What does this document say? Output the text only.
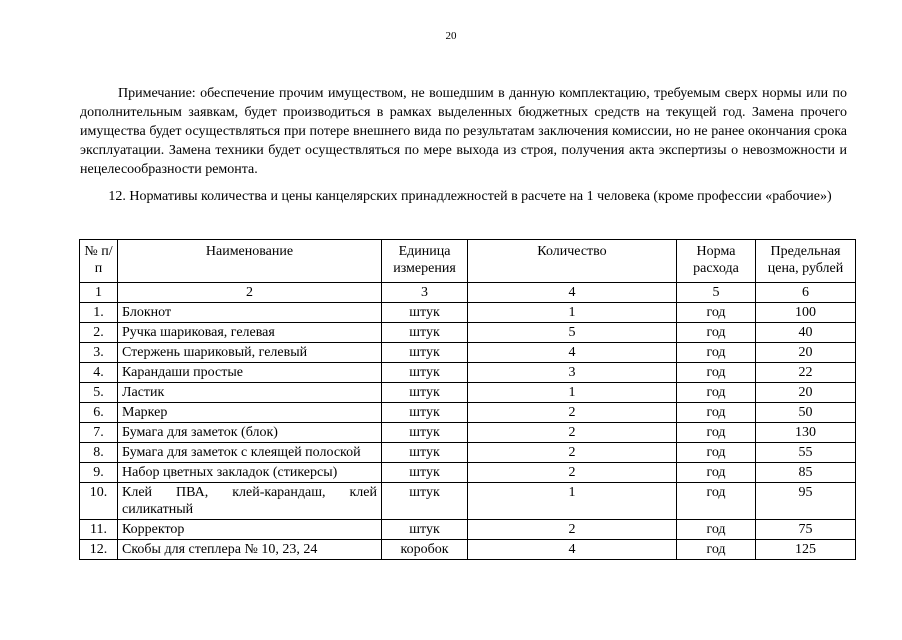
20

Примечание: обеспечение прочим имуществом, не вошедшим в данную комплектацию, требуемым сверх нормы или по дополнительным заявкам, будет производиться в рамках выделенных бюджетных средств на текущей год. Замена прочего имущества будет осуществляться при потере внешнего вида по результатам заключения комиссии, но не ранее окончания срока эксплуатации. Замена техники будет осуществляться по мере выхода из строя, получения акта экспертизы о невозможности и нецелесообразности ремонта.

12. Нормативы количества и цены канцелярских принадлежностей в расчете на 1 человека (кроме профессии «рабочие»)

№ п/п	Наименование	Единица измерения	Количество	Норма расхода	Предельная цена, рублей
1	2	3	4	5	6
1.	Блокнот	штук	1	год	100
2.	Ручка шариковая, гелевая	штук	5	год	40
3.	Стержень шариковый, гелевый	штук	4	год	20
4.	Карандаши простые	штук	3	год	22
5.	Ластик	штук	1	год	20
6.	Маркер	штук	2	год	50
7.	Бумага для заметок (блок)	штук	2	год	130
8.	Бумага для заметок с клеящей полоской	штук	2	год	55
9.	Набор цветных закладок (стикерсы)	штук	2	год	85
10.	Клей ПВА, клей-карандаш, клей силикатный	штук	1	год	95
11.	Корректор	штук	2	год	75
12.	Скобы для степлера № 10, 23, 24	коробок	4	год	125
